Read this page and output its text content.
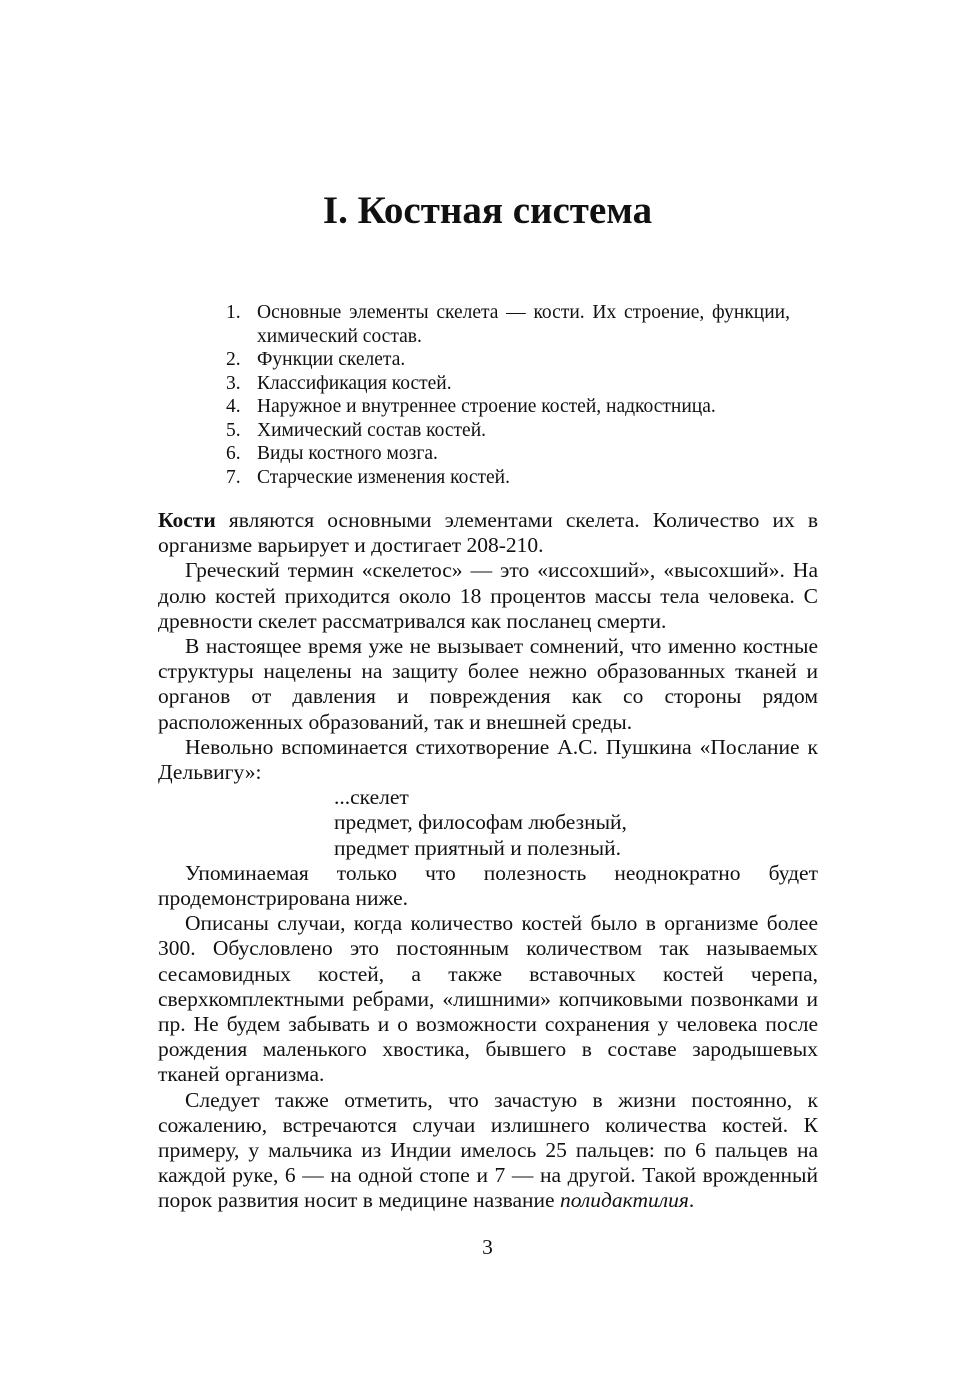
I. Костная система
1. Основные элементы скелета — кости. Их строение, функции, химический состав.
2. Функции скелета.
3. Классификация костей.
4. Наружное и внутреннее строение костей, надкостница.
5. Химический состав костей.
6. Виды костного мозга.
7. Старческие изменения костей.

Кости являются основными элементами скелета. Количество их в организме варьирует и достигает 208-210.

Греческий термин «скелетос» — это «иссохший», «высохший». На долю костей приходится около 18 процентов массы тела человека. С древности скелет рассматривался как посланец смерти.

В настоящее время уже не вызывает сомнений, что именно костные структуры нацелены на защиту более нежно образованных тканей и органов от давления и повреждения как со стороны рядом расположенных образований, так и внешней среды.

Невольно вспоминается стихотворение А.С. Пушкина «Послание к Дельвигу»:

...скелет
предмет, философам любезный,
предмет приятный и полезный.

Упоминаемая только что полезность неоднократно будет продемонстрирована ниже.

Описаны случаи, когда количество костей было в организме более 300. Обусловлено это постоянным количеством так называемых сесамовидных костей, а также вставочных костей черепа, сверхкомплектными ребрами, «лишними» копчиковыми позвонками и пр. Не будем забывать и о возможности сохранения у человека после рождения маленького хвостика, бывшего в составе зародышевых тканей организма.

Следует также отметить, что зачастую в жизни постоянно, к сожалению, встречаются случаи излишнего количества костей. К примеру, у мальчика из Индии имелось 25 пальцев: по 6 пальцев на каждой руке, 6 — на одной стопе и 7 — на другой. Такой врожденный порок развития носит в медицине название полидактилия.

3
